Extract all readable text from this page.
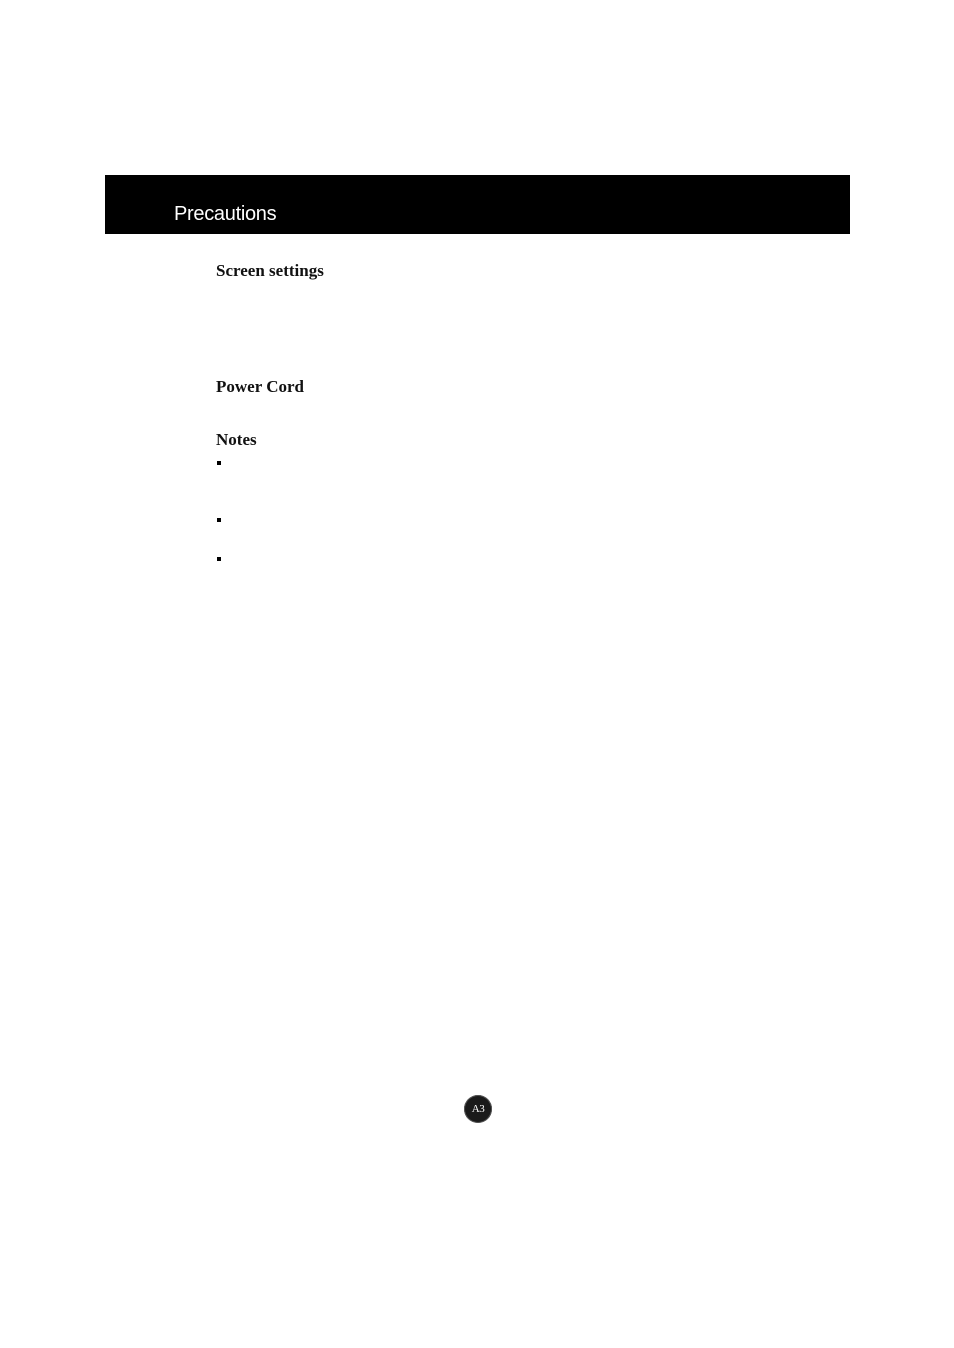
Precautions
Screen settings
Power Cord
Notes
A3
